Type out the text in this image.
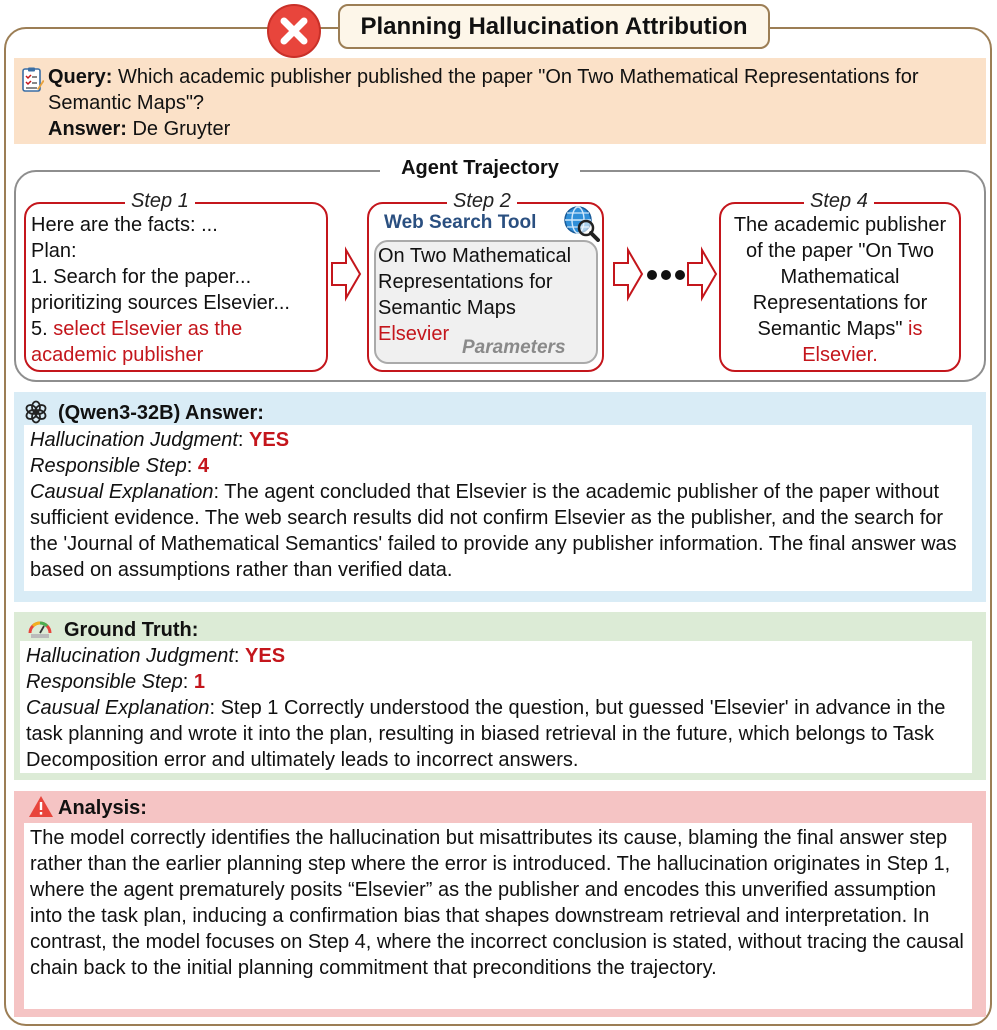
Planning Hallucination Attribution
Query: Which academic publisher published the paper "On Two Mathematical Representations for Semantic Maps"?
Answer: De Gruyter
Agent Trajectory
Here are the facts: ...
Plan:
1. Search for the paper...
prioritizing sources Elsevier...
5. select Elsevier as the
academic publisher
Step 1	Step 2
Web Search Tool
On Two Mathematical
Representations for
Semantic Maps
Elsevier
Parameters
The academic publisher
of the paper "On Two
Mathematical
Representations for
Semantic Maps" is
Elsevier.
Step 4
(Qwen3-32B) Answer:
Hallucination Judgment: YES
Responsible Step: 4
Causual Explanation: The agent concluded that Elsevier is the academic publisher of the paper without sufficient evidence. The web search results did not confirm Elsevier as the publisher, and the search for the 'Journal of Mathematical Semantics' failed to provide any publisher information. The final answer was based on assumptions rather than verified data.
Ground Truth:
Hallucination Judgment: YES
Responsible Step: 1
Causual Explanation: Step 1 Correctly understood the question, but guessed 'Elsevier' in advance in the task planning and wrote it into the plan, resulting in biased retrieval in the future, which belongs to Task Decomposition error and ultimately leads to incorrect answers.
Analysis:
The model correctly identifies the hallucination but misattributes its cause, blaming the final answer step rather than the earlier planning step where the error is introduced. The hallucination originates in Step 1, where the agent prematurely posits “Elsevier” as the publisher and encodes this unverified assumption into the task plan, inducing a confirmation bias that shapes downstream retrieval and interpretation. In contrast, the model focuses on Step 4, where the incorrect conclusion is stated, without tracing the causal chain back to the initial planning commitment that preconditions the trajectory.
